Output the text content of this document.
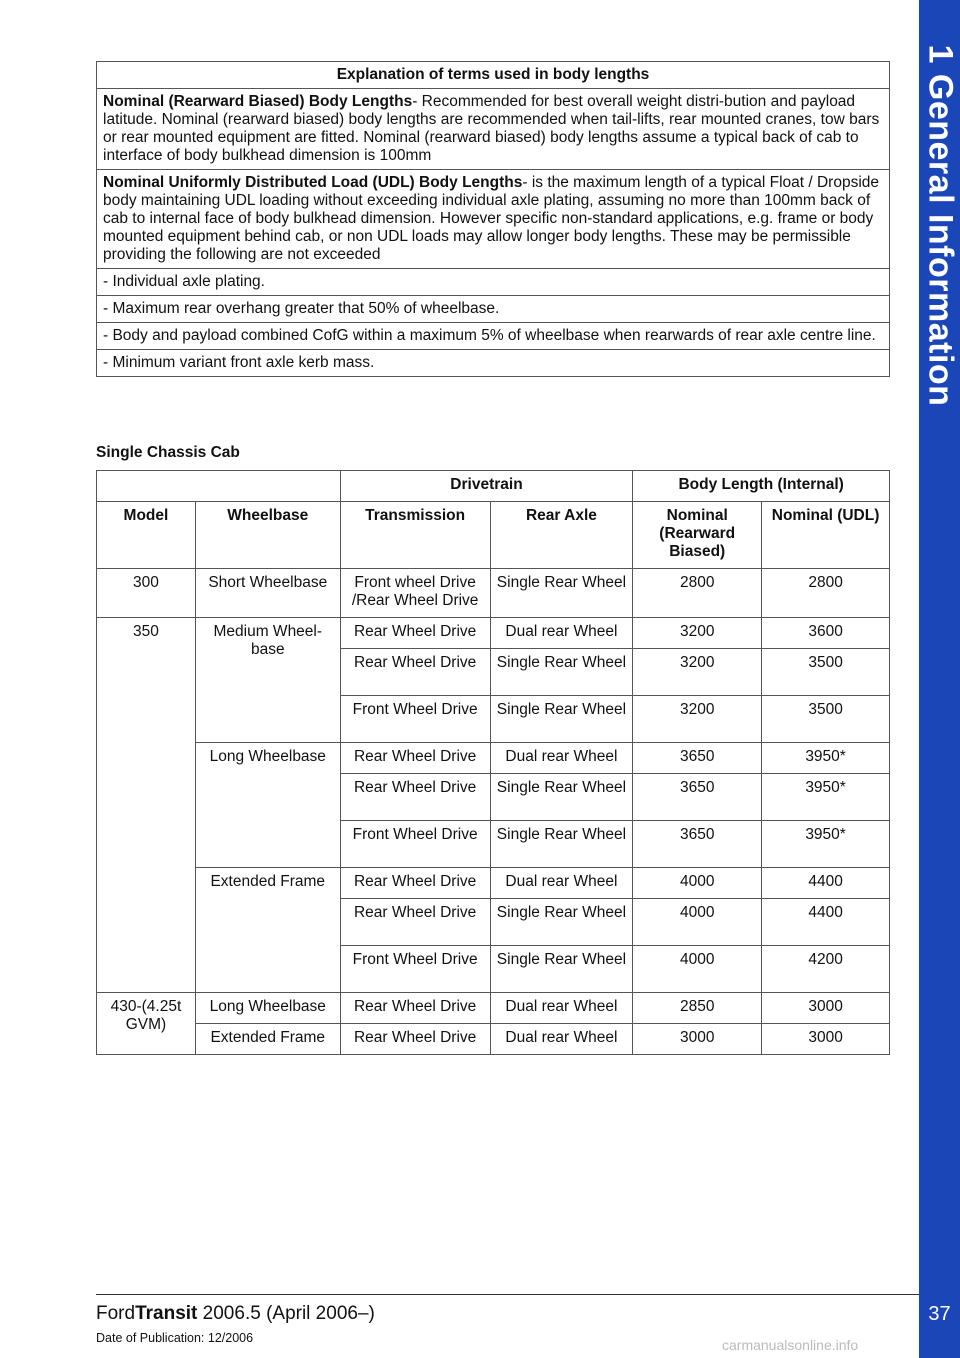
1 General Information
37
Explanation of terms used in body lengths
Nominal (Rearward Biased) Body Lengths- Recommended for best overall weight distri-bution and payload latitude. Nominal (rearward biased) body lengths are recommended when tail-lifts, rear mounted cranes, tow bars or rear mounted equipment are fitted. Nominal (rearward biased) body lengths assume a typical back of cab to interface of body bulkhead dimension is 100mm
Nominal Uniformly Distributed Load (UDL) Body Lengths- is the maximum length of a typical Float / Dropside body maintaining UDL loading without exceeding individual axle plating, assuming no more than 100mm back of cab to internal face of body bulkhead dimension. However specific non-standard applications, e.g. frame or body mounted equipment behind cab, or non UDL loads may allow longer body lengths. These may be permissible providing the following are not exceeded
- Individual axle plating.
- Maximum rear overhang greater that 50% of wheelbase.
- Body and payload combined CofG within a maximum 5% of wheelbase when rearwards of rear axle centre line.
- Minimum variant front axle kerb mass.
Single Chassis Cab
		Drivetrain		Body Length (Internal)	
Model	Wheelbase	Transmission	Rear Axle	Nominal (Rearward Biased)	Nominal (UDL)
300	Short Wheelbase	Front wheel Drive /Rear Wheel Drive	Single Rear Wheel	2800	2800
350	Medium Wheel-base	Rear Wheel Drive	Dual rear Wheel	3200	3600
		Rear Wheel Drive	Single Rear Wheel	3200	3500
		Front Wheel Drive	Single Rear Wheel	3200	3500
	Long Wheelbase	Rear Wheel Drive	Dual rear Wheel	3650	3950*
		Rear Wheel Drive	Single Rear Wheel	3650	3950*
		Front Wheel Drive	Single Rear Wheel	3650	3950*
	Extended Frame	Rear Wheel Drive	Dual rear Wheel	4000	4400
		Rear Wheel Drive	Single Rear Wheel	4000	4400
		Front Wheel Drive	Single Rear Wheel	4000	4200
430-(4.25t GVM)	Long Wheelbase	Rear Wheel Drive	Dual rear Wheel	2850	3000
	Extended Frame	Rear Wheel Drive	Dual rear Wheel	3000	3000
FordTransit 2006.5 (April 2006–)
Date of Publication: 12/2006	carmanualsonline.info
